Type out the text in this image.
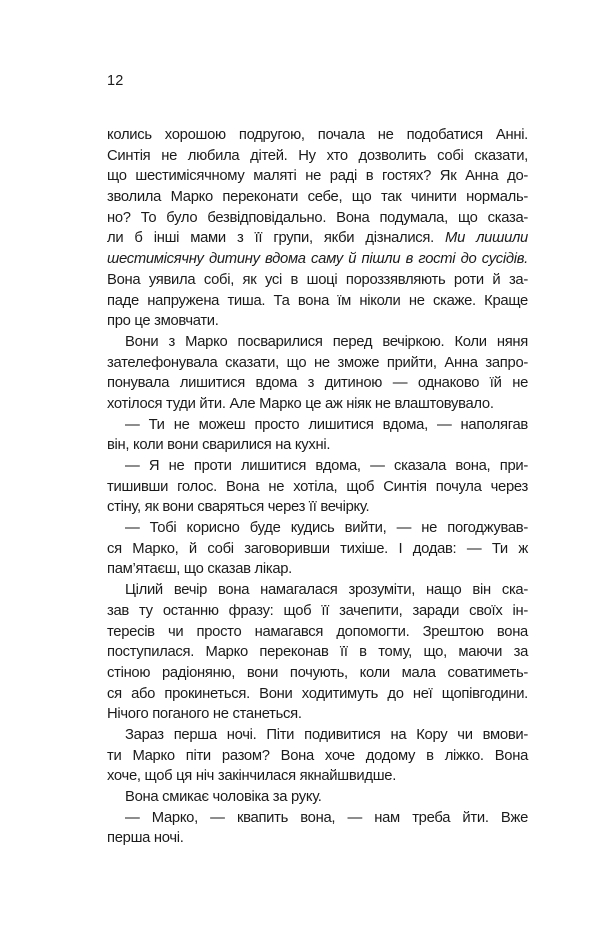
12
колись хорошою подругою, почала не подобатися Анні.
Синтія не любила дітей. Ну хто дозволить собі сказати,
що шестимісячному маляті не раді в гостях? Як Анна до-
зволила Марко переконати себе, що так чинити нормаль-
но? То було безвідповідально. Вона подумала, що сказа-
ли б інші мами з її групи, якби дізналися. Ми лишили
шестимісячну дитину вдома саму й пішли в гості до сусідів.
Вона уявила собі, як усі в шоці пороззявляють роти й за-
паде напружена тиша. Та вона їм ніколи не скаже. Краще
про це змовчати.
Вони з Марко посварилися перед вечіркою. Коли няня
зателефонувала сказати, що не зможе прийти, Анна запро-
понувала лишитися вдома з дитиною — однаково їй не
хотілося туди йти. Але Марко це аж ніяк не влаштовувало.
— Ти не можеш просто лишитися вдома, — наполягав
він, коли вони сварилися на кухні.
— Я не проти лишитися вдома, — сказала вона, при-
тишивши голос. Вона не хотіла, щоб Синтія почула через
стіну, як вони сваряться через її вечірку.
— Тобі корисно буде кудись вийти, — не погоджував-
ся Марко, й собі заговоривши тихіше. І додав: — Ти ж
пам’ятаєш, що сказав лікар.
Цілий вечір вона намагалася зрозуміти, нащо він ска-
зав ту останню фразу: щоб її зачепити, заради своїх ін-
тересів чи просто намагався допомогти. Зрештою вона
поступилася. Марко переконав її в тому, що, маючи за
стіною радіоняню, вони почують, коли мала соватиметь-
ся або прокинеться. Вони ходитимуть до неї щопівгодини.
Нічого поганого не станеться.
Зараз перша ночі. Піти подивитися на Кору чи вмови-
ти Марко піти разом? Вона хоче додому в ліжко. Вона
хоче, щоб ця ніч закінчилася якнайшвидше.
Вона смикає чоловіка за руку.
— Марко, — квапить вона, — нам треба йти. Вже
перша ночі.
